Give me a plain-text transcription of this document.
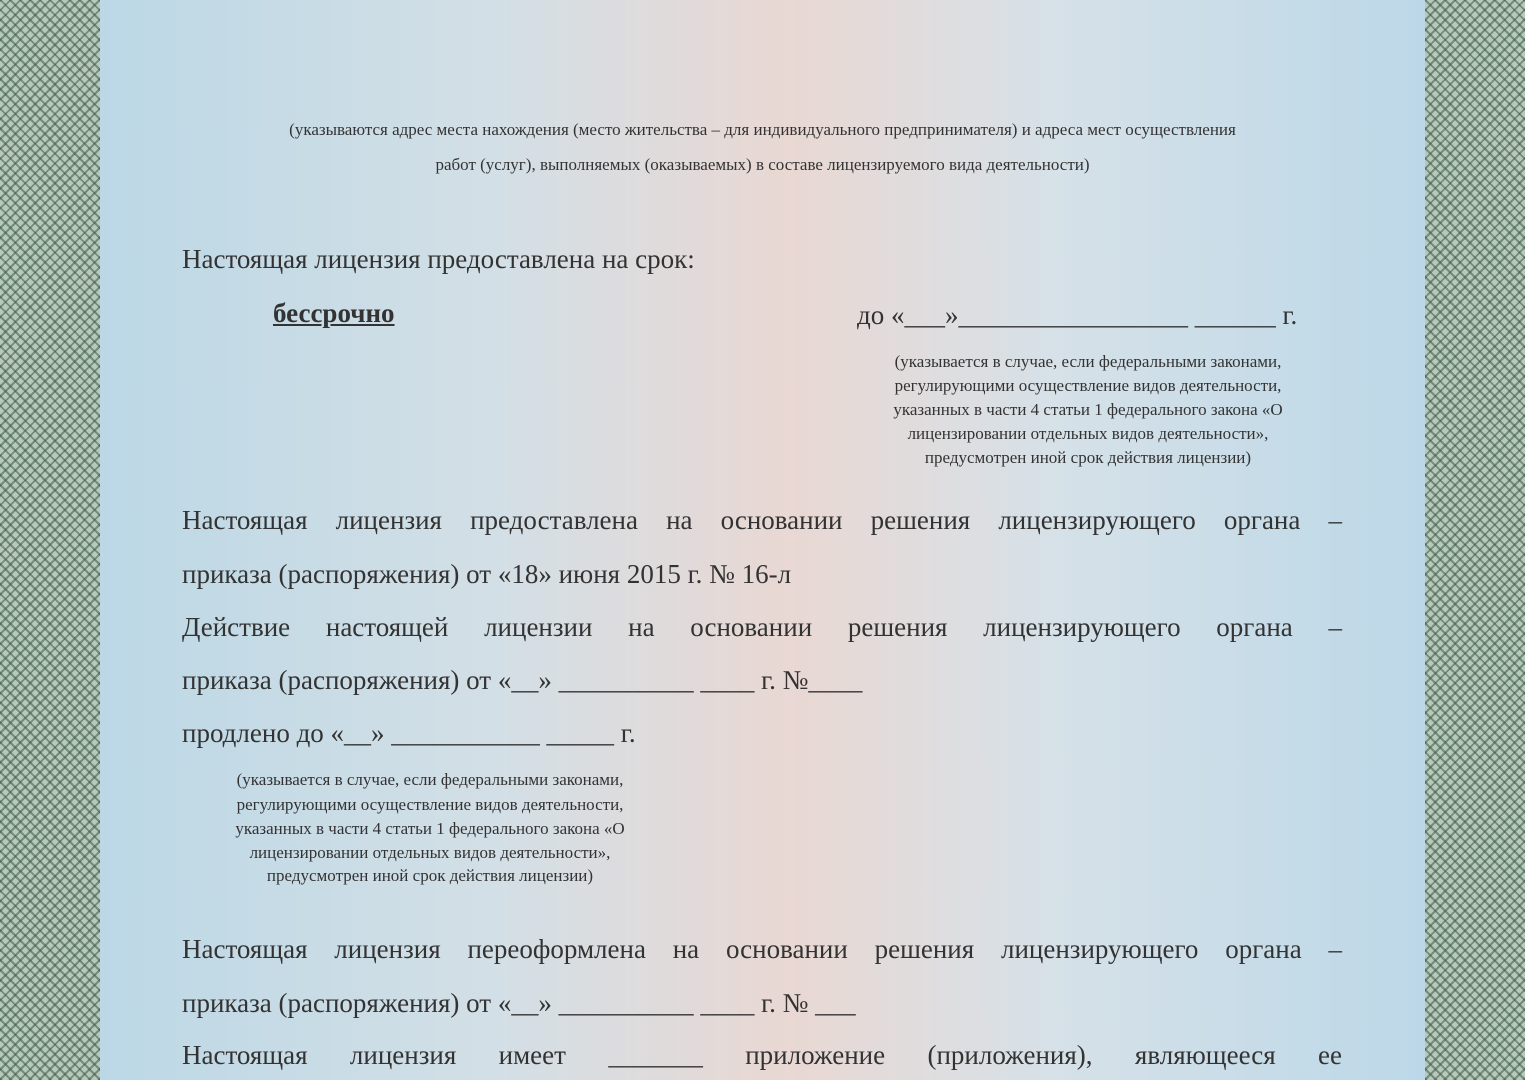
(указываются адрес места нахождения (место жительства – для индивидуального предпринимателя) и адреса мест осуществления
работ (услуг), выполняемых (оказываемых) в составе лицензируемого вида деятельности)
Настоящая лицензия предоставлена на срок:
бессрочно	до «___»_________________ ______ г.
(указывается в случае, если федеральными законами,
регулирующими осуществление видов деятельности,
указанных в части 4 статьи 1 федерального закона «О
лицензировании отдельных видов деятельности»,
предусмотрен иной срок действия лицензии)
Настоящая лицензия предоставлена на основании решения лицензирующего органа –
приказа (распоряжения) от «18» июня 2015 г. № 16-л
Действие настоящей лицензии на основании решения лицензирующего органа –
приказа (распоряжения) от «__» __________ ____ г. №____
продлено до «__» ___________ _____ г.
(указывается в случае, если федеральными законами,
регулирующими осуществление видов деятельности,
указанных в части 4 статьи 1 федерального закона «О
лицензировании отдельных видов деятельности»,
предусмотрен иной срок действия лицензии)
Настоящая лицензия переоформлена на основании решения лицензирующего органа –
приказа (распоряжения) от «__» __________ ____ г. № ___
Настоящая лицензия имеет _______ приложение (приложения), являющееся ее
